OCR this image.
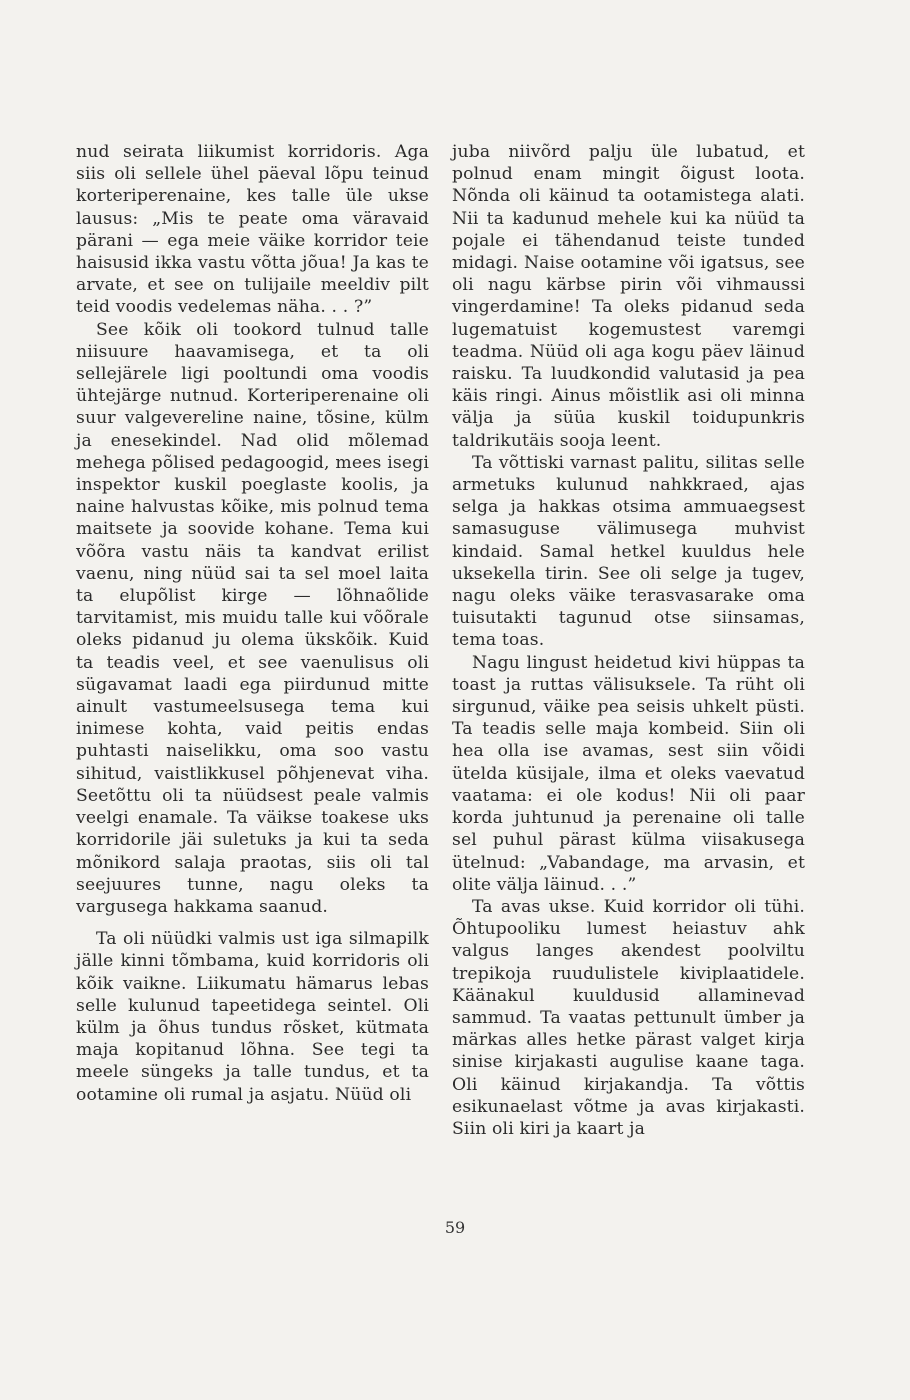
nud seirata liikumist korridoris. Aga siis oli sellele ühel päeval lõpu teinud korteriperenaine, kes talle üle ukse lausus: „Mis te peate oma väravaid pärani — ega meie väike korridor teie haisusid ikka vastu võtta jõua! Ja kas te arvate, et see on tulijaile meeldiv pilt teid voodis vedelemas näha. . . ?”

See kõik oli tookord tulnud talle niisuure haavamisega, et ta oli sellejärele ligi pooltundi oma voodis ühtejärge nutnud. Korteriperenaine oli suur valgevereline naine, tõsine, külm ja enesekindel. Nad olid mõlemad mehega põlised pedagoogid, mees isegi inspektor kuskil poeglaste koolis, ja naine halvustas kõike, mis polnud tema maitsete ja soovide kohane. Tema kui võõra vastu näis ta kandvat erilist vaenu, ning nüüd sai ta sel moel laita ta elupõlist kirge — lõhnaõlide tarvitamist, mis muidu talle kui võõrale oleks pidanud ju olema ükskõik. Kuid ta teadis veel, et see vaenulisus oli sügavamat laadi ega piirdunud mitte ainult vastumeelsusega tema kui inimese kohta, vaid peitis endas puhtasti naiselikku, oma soo vastu sihitud, vaistlikkusel põhjenevat viha. Seetõttu oli ta nüüdsest peale valmis veelgi enamale. Ta väikse toakese uks korridorile jäi suletuks ja kui ta seda mõnikord salaja praotas, siis oli tal seejuures tunne, nagu oleks ta vargusega hakkama saanud.

Ta oli nüüdki valmis ust iga silmapilk jälle kinni tõmbama, kuid korridoris oli kõik vaikne. Liikumatu hämarus lebas selle kulunud tapeetidega seintel. Oli külm ja õhus tundus rõsket, kütmata maja kopitanud lõhna. See tegi ta meele süngeks ja talle tundus, et ta ootamine oli rumal ja asjatu. Nüüd oli

juba niivõrd palju üle lubatud, et polnud enam mingit õigust loota. Nõnda oli käinud ta ootamistega alati. Nii ta kadunud mehele kui ka nüüd ta pojale ei tähendanud teiste tunded midagi. Naise ootamine või igatsus, see oli nagu kärbse pirin või vihmaussi vingerdamine! Ta oleks pidanud seda lugematuist kogemustest varemgi teadma. Nüüd oli aga kogu päev läinud raisku. Ta luudkondid valutasid ja pea käis ringi. Ainus mõistlik asi oli minna välja ja süüa kuskil toidupunkris taldrikutäis sooja leent.

Ta võttiski varnast palitu, silitas selle armetuks kulunud nahkkraed, ajas selga ja hakkas otsima ammuaegsest samasuguse välimusega muhvist kindaid. Samal hetkel kuuldus hele uksekella tirin. See oli selge ja tugev, nagu oleks väike terasvasarake oma tuisutakti tagunud otse siinsamas, tema toas.

Nagu lingust heidetud kivi hüppas ta toast ja ruttas välisuksele. Ta rüht oli sirgunud, väike pea seisis uhkelt püsti. Ta teadis selle maja kombeid. Siin oli hea olla ise avamas, sest siin võidi ütelda küsijale, ilma et oleks vaevatud vaatama: ei ole kodus! Nii oli paar korda juhtunud ja perenaine oli talle sel puhul pärast külma viisakusega ütelnud: „Vabandage, ma arvasin, et olite välja läinud. . .”

Ta avas ukse. Kuid korridor oli tühi. Õhtupooliku lumest heiastuv ahk valgus langes akendest poolviltu trepikoja ruudulistele kiviplaatidele. Käänakul kuuldusid allaminevad sammud. Ta vaatas pettunult ümber ja märkas alles hetke pärast valget kirja sinise kirjakasti augulise kaane taga. Oli käinud kirjakandja. Ta võttis esikunaelast võtme ja avas kirjakasti. Siin oli kiri ja kaart ja

59
